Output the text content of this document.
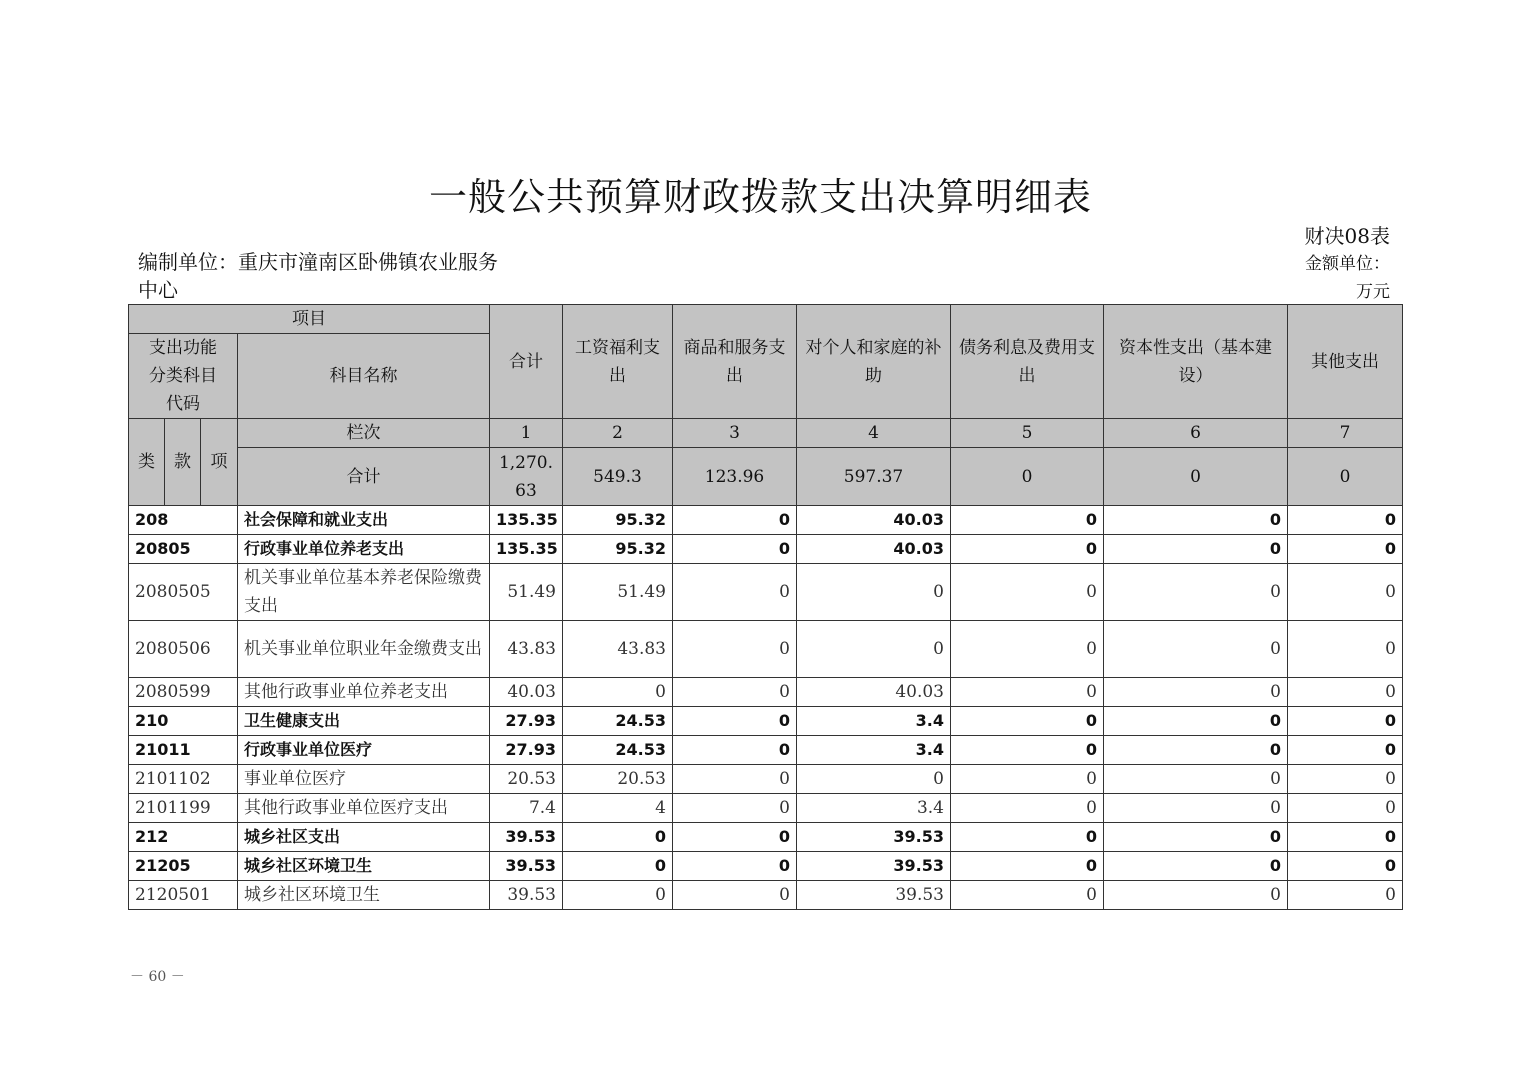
一般公共预算财政拨款支出决算明细表
财决08表
编制单位：重庆市潼南区卧佛镇农业服务中心
金额单位：
万元
项目				合计	工资福利支出	商品和服务支出	对个人和家庭的补助	债务利息及费用支出	资本性支出（基本建设）	其他支出
支出功能分类科目代码			科目名称							
类	款	项	栏次	1	2	3	4	5	6	7
			合计	1,270.63	549.3	123.96	597.37	0	0	0
208			社会保障和就业支出	135.35	95.32	0	40.03	0	0	0
20805			行政事业单位养老支出	135.35	95.32	0	40.03	0	0	0
2080505			机关事业单位基本养老保险缴费支出	51.49	51.49	0	0	0	0	0
2080506			机关事业单位职业年金缴费支出	43.83	43.83	0	0	0	0	0
2080599			其他行政事业单位养老支出	40.03	0	0	40.03	0	0	0
210			卫生健康支出	27.93	24.53	0	3.4	0	0	0
21011			行政事业单位医疗	27.93	24.53	0	3.4	0	0	0
2101102			事业单位医疗	20.53	20.53	0	0	0	0	0
2101199			其他行政事业单位医疗支出	7.4	4	0	3.4	0	0	0
212			城乡社区支出	39.53	0	0	39.53	0	0	0
21205			城乡社区环境卫生	39.53	0	0	39.53	0	0	0
2120501			城乡社区环境卫生	39.53	0	0	39.53	0	0	0
－ 60 －
